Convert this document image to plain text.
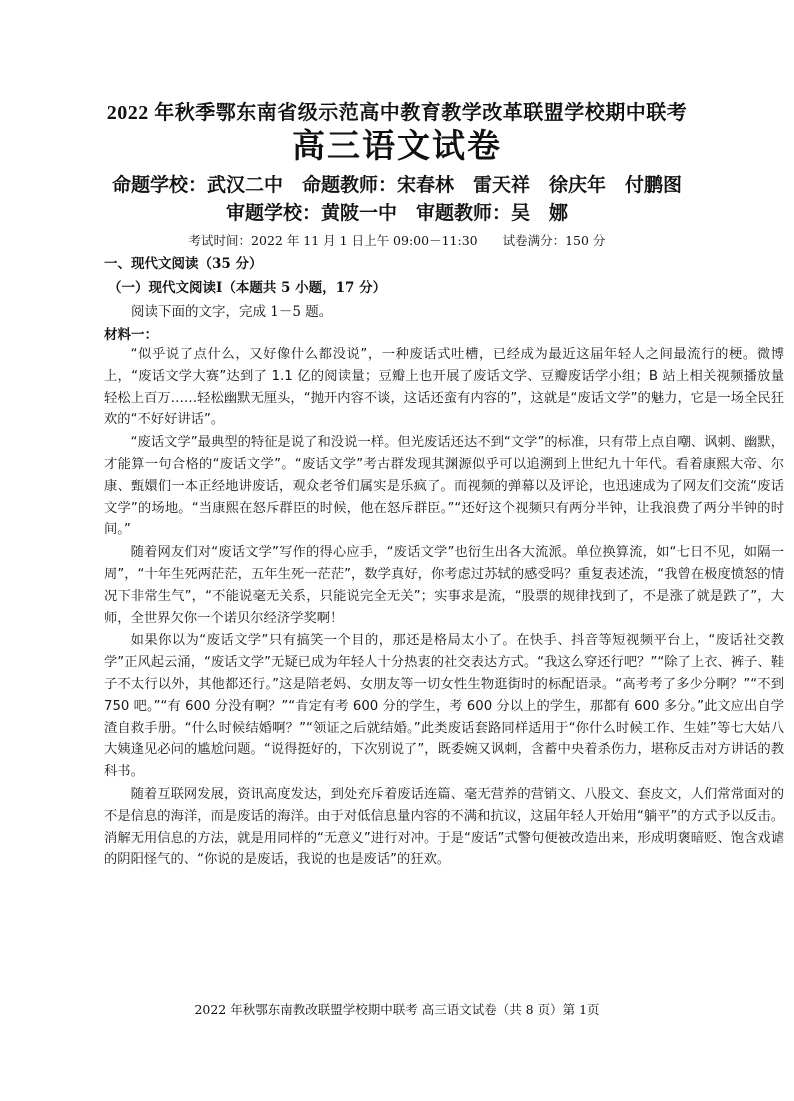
2022 年秋季鄂东南省级示范高中教育教学改革联盟学校期中联考
高三语文试卷
命题学校：武汉二中　命题教师：宋春林　雷天祥　徐庆年　付鹏图
审题学校：黄陂一中　审题教师：吴　娜
考试时间：2022 年 11 月 1 日上午 09:00－11:30　　试卷满分：150 分
一、现代文阅读（35 分）
（一）现代文阅读Ⅰ（本题共 5 小题，17 分）
阅读下面的文字，完成 1－5 题。
材料一：

“似乎说了点什么，又好像什么都没说”，一种废话式吐槽，已经成为最近这届年轻人之间最流行的梗。微博上，“废话文学大赛”达到了 1.1 亿的阅读量；豆瓣上也开展了废话文学、豆瓣废话学小组；B 站上相关视频播放量轻松上百万……轻松幽默无厘头，“抛开内容不谈，这话还蛮有内容的”，这就是“废话文学”的魅力，它是一场全民狂欢的“不好好讲话”。

“废话文学”最典型的特征是说了和没说一样。但光废话还达不到“文学”的标准，只有带上点自嘲、讽刺、幽默，才能算一句合格的“废话文学”。“废话文学”考古群发现其渊源似乎可以追溯到上世纪九十年代。看着康熙大帝、尔康、甄嬛们一本正经地讲废话，观众老爷们属实是乐疯了。而视频的弹幕以及评论，也迅速成为了网友们交流“废话文学”的场地。“当康熙在怒斥群臣的时候，他在怒斥群臣。”“还好这个视频只有两分半钟，让我浪费了两分半钟的时间。”

随着网友们对“废话文学”写作的得心应手，“废话文学”也衍生出各大流派。单位换算流，如“七日不见，如隔一周”，“十年生死两茫茫，五年生死一茫茫”，数学真好，你考虑过苏轼的感受吗？重复表述流，“我曾在极度愤怒的情况下非常生气”，“不能说毫无关系，只能说完全无关”；实事求是流，“股票的规律找到了，不是涨了就是跌了”，大师，全世界欠你一个诺贝尔经济学奖啊！

如果你以为“废话文学”只有搞笑一个目的，那还是格局太小了。在快手、抖音等短视频平台上，“废话社交教学”正风起云涌，“废话文学”无疑已成为年轻人十分热衷的社交表达方式。“我这么穿还行吧？”“除了上衣、裤子、鞋子不太行以外，其他都还行。”这是陪老妈、女朋友等一切女性生物逛街时的标配语录。“高考考了多少分啊？”“不到 750 吧。”“有 600 分没有啊？”“肯定有考 600 分的学生，考 600 分以上的学生，那都有 600 多分。”此文应出自学渣自救手册。“什么时候结婚啊？”“领证之后就结婚。”此类废话套路同样适用于“你什么时候工作、生娃”等七大姑八大姨逢见必问的尴尬问题。“说得挺好的，下次别说了”，既委婉又讽刺，含蓄中央着杀伤力，堪称反击对方讲话的教科书。

随着互联网发展，资讯高度发达，到处充斥着废话连篇、毫无营养的营销文、八股文、套皮文，人们常常面对的不是信息的海洋，而是废话的海洋。由于对低信息量内容的不满和抗议，这届年轻人开始用“躺平”的方式予以反击。消解无用信息的方法，就是用同样的“无意义”进行对冲。于是“废话”式警句便被改造出来，形成明褒暗贬、饱含戏谑的阴阳怪气的、“你说的是废话，我说的也是废话”的狂欢。

2022 年秋鄂东南教改联盟学校期中联考 高三语文试卷（共 8 页）第 1页
